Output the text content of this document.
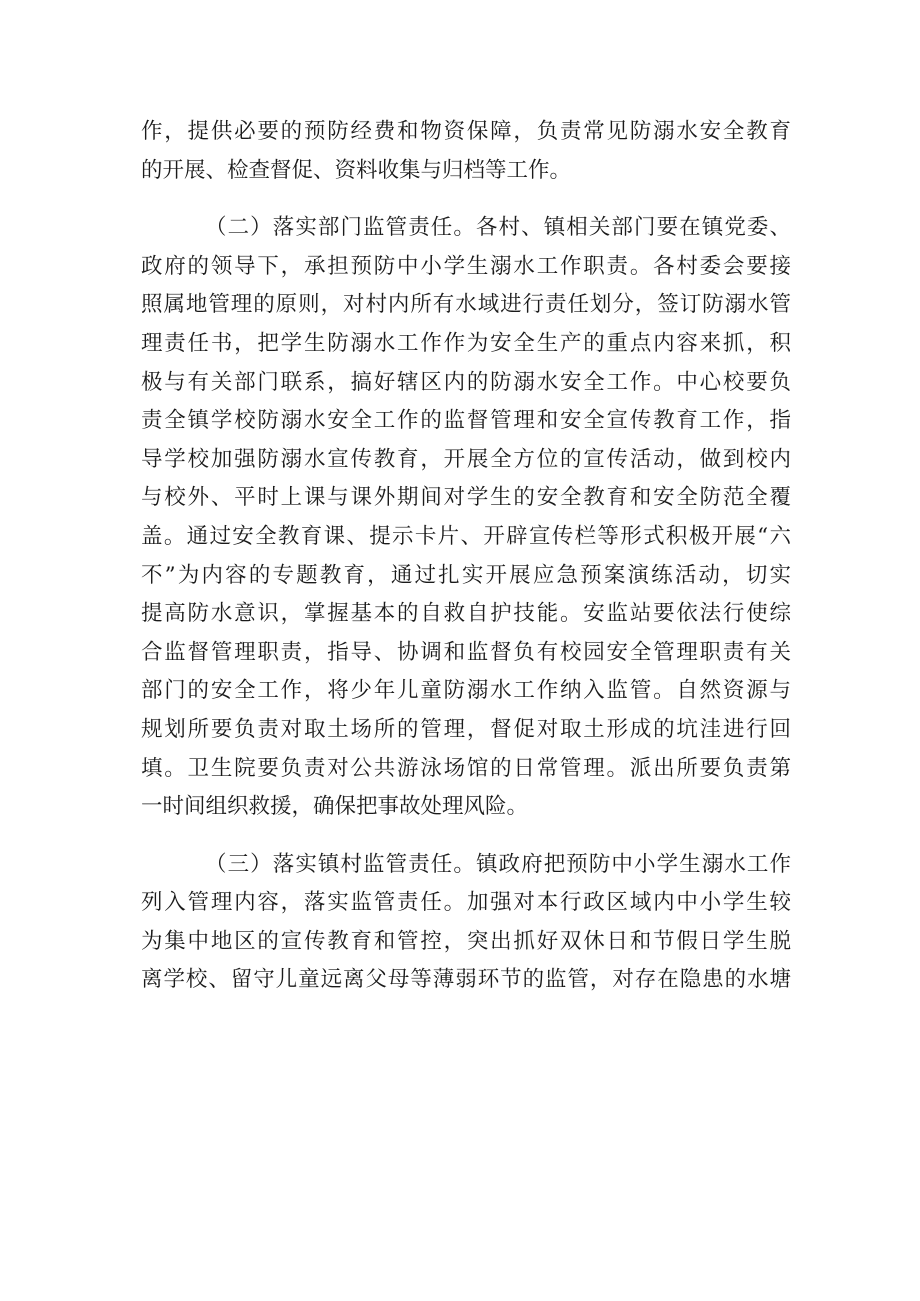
作，提供必要的预防经费和物资保障，负责常见防溺水安全教育
的开展、检查督促、资料收集与归档等工作。
（二）落实部门监管责任。各村、镇相关部门要在镇党委、
政府的领导下，承担预防中小学生溺水工作职责。各村委会要接
照属地管理的原则，对村内所有水域进行责任划分，签订防溺水管
理责任书，把学生防溺水工作作为安全生产的重点内容来抓，积
极与有关部门联系，搞好辖区内的防溺水安全工作。中心校要负
责全镇学校防溺水安全工作的监督管理和安全宣传教育工作，指
导学校加强防溺水宣传教育，开展全方位的宣传活动，做到校内
与校外、平时上课与课外期间对学生的安全教育和安全防范全覆
盖。通过安全教育课、提示卡片、开辟宣传栏等形式积极开展“六
不”为内容的专题教育，通过扎实开展应急预案演练活动，切实
提高防水意识，掌握基本的自救自护技能。安监站要依法行使综
合监督管理职责，指导、协调和监督负有校园安全管理职责有关
部门的安全工作，将少年儿童防溺水工作纳入监管。自然资源与
规划所要负责对取土场所的管理，督促对取土形成的坑洼进行回
填。卫生院要负责对公共游泳场馆的日常管理。派出所要负责第
一时间组织救援，确保把事故处理风险。
（三）落实镇村监管责任。镇政府把预防中小学生溺水工作
列入管理内容，落实监管责任。加强对本行政区域内中小学生较
为集中地区的宣传教育和管控，突出抓好双休日和节假日学生脱
离学校、留守儿童远离父母等薄弱环节的监管，对存在隐患的水塘
